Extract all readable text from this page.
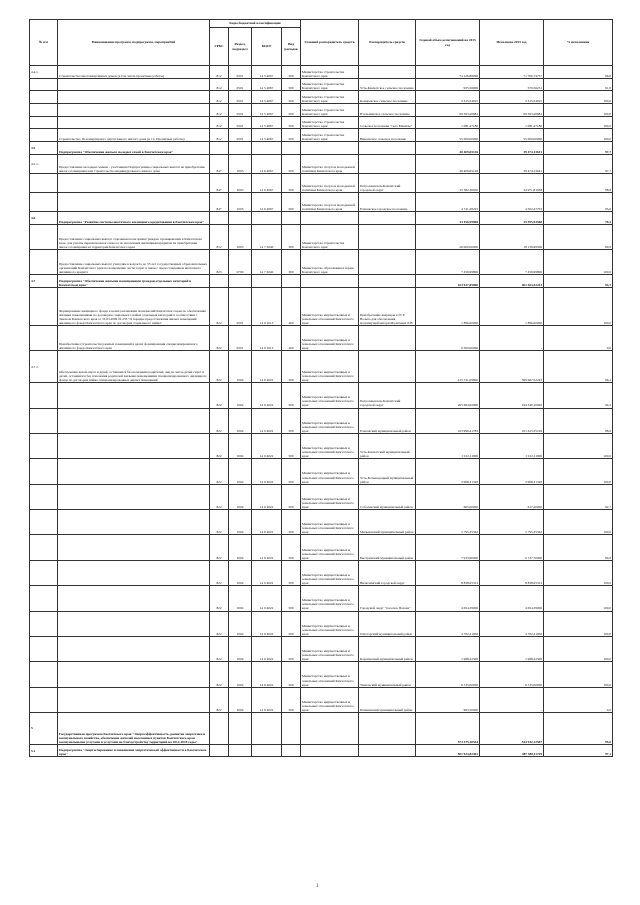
№ п/п	Наименование программ, подпрограмм, мероприятий	Коды бюджетной классификации				Главный распорядитель средств	Распорядитель средств	Годовой объем ассигнований на 2015 год	Исполнено 2015 год	% исполнения
		ГРБС	Раздел, подраздел	КЦСР	Вид расходов					
4.4.1.	Строительство многоквартирных домов (в том числе проектные работы)	812	0501	14 5 4067	500	Министерство строительства Камчатского края		74 126,88096	71 760,74757	96,8
		812	0501	14 5 4067	500	Министерство строительства Камчатского края	Усть-Камчатское сельское поселение	935,56000	570,56251	61,0
		812	0501	14 5 4067	500	Министерство строительства Камчатского края	Козыревское сельское поселение	2 315,54025	2 315,54025	100,0
		812	0501	14 5 4067	500	Министерство строительства Камчатского края	Ительменское сельское поселение	69 593,20681	69 593,20681	100,0
		812	0501	14 5 4067	500	Министерство строительства Камчатского края	Сельское поселение "село Манилы"	1 081,47180	1 081,47180	100,0
	Строительство 16-и квартирного двухэтажного жилого дома (в т.ч. Проектные работы)	812	0501	14 5 4067	500	Министерство строительства Камчатского края	Никольское сельское поселение	55 000,00000	55 000,00000	100,0
4.5	Подпрограмма "Обеспечение жильем молодых семей в Камчатском крае"							40 409,65126	39 474,13641	97,7
4.5.1.	Предоставление молодым семьям - участникам Подпрограммы социальных выплат на приобретение жилого помещения или строительство индивидуального жилого дома	847	1003	14 6 4067	500	Министерство спорта и молодежной политики Камчатского края		40 409,65126	39 474,13641	97,7
		847	1003	14 6 4067	500	Министерство спорта и молодежной политики Камчатского края	Петропавловск-Камчатский городской округ	35 382,36950	34 971,81938	98,8
		847	1003	14 6 4067	500	Министерство спорта и молодежной политики Камчатского края	Елизовское городское поселение	4 741,28225	4 502,27703	95,0
4.6	Подпрограмма "Развитие системы ипотечного жилищного кредитования в Камчатском крае"							33 456,99806	25 595,94568	76,5
	Предоставление социальных выплат отдельным категориям граждан, проживающих в Камчатском крае, для уплаты первоначального взноса по ипотечным жилищным кредитам на приобретение жилого помещения на территории Камчатского края	812	1003	14 7 2040	300	Министерство строительства Камчатского края		26 000,00000	18 136,99506	69,8
	Предоставление социальных выплат учителям в возрасте до 35 лет государственных образовательных организаций Камчатского края на возмещение части затрат в связи с предоставлением ипотечного жилищного кредита	823	0709	14 7 2040	300	Министерство образования и науки Камчатского края		7 456,99806	7 456,99806	100,0
4.7	Подпрограмма "Обеспечение жилыми помещениями граждан отдельных категорий в Камчатском крае"							423 927,09800	401 563,52243	94,7
	Формирование жилищного фонда в целях реализации полномочий Камчатского края по обеспечению жилыми помещениями по договорам социального найма отдельных категорий в соответствии с Законом Камчатского края от 31.03.2009 № 253 "О порядке предоставления жилых помещений жилищного фонда Камчатского края по договорам социального найма"	822	0501	14 9 1013	400	Министерство имущественных и земельных отношений Камчатского края	Приобретение квартиры в ГСУ Вольпа для обеспечения малоимущей матери Малаткина Л.В.	1 896,00000	1 896,00000	100,0
	Приобретение (строительство) жилых помещений в целях формирования специализированного жилищного фонда Камчатского края	822	0501	14 9 1013	400	Министерство имущественных и земельных отношений Камчатского края		6 500,00000	-	0,0
4.7.1.	Обеспечение детей-сирот и детей, оставшихся без попечения родителей, лиц из числа детей-сирот и детей, оставшихся без попечения родителей жилыми помещениями специализированного жилищного фонда по договорам найма специализированных жилых помещений	822	1004	14 9 4022	500	Министерство имущественных и земельных отношений Камчатского края		415 531,09800	399 667,52243	96,2
		822	1004	14 9 4022	500	Министерство имущественных и земельных отношений Камчатского края	Петропавловск-Камчатский городской округ	205 664,62000	194 340,10920	94,5
		822	1004	14 9 4022	500	Министерство имущественных и земельных отношений Камчатского края	Елизовский муниципальный район	163 999,41783	161 623,35169	98,6
		822	1004	14 9 4022	500	Министерство имущественных и земельных отношений Камчатского края	Усть-Камчатский муниципальный район	1 012,11900	1 012,11900	100,0
		822	1004	14 9 4022	500	Министерство имущественных и земельных отношений Камчатского края	Усть-Большерецкий муниципальный район	2 908,31328	2 908,31328	100,0
		822	1004	14 9 4022	500	Министерство имущественных и земельных отношений Камчатского края	Соболевский муниципальный район	665,00000	617,20000	92,7
		822	1004	14 9 4022	500	Министерство имущественных и земельных отношений Камчатского края	Мильковский муниципальный район	2 795,35562	2 795,35562	100,0
		822	1004	14 9 4022	500	Министерство имущественных и земельных отношений Камчатского края	Быстринский муниципальный район	7 933,90000	6 727,70000	84,8
		822	1004	14 9 4022	500	Министерство имущественных и земельных отношений Камчатского края	Вилючинский городской округ	8 838,95313	8 838,95313	100,0
		822	1004	14 9 4022	500	Министерство имущественных и земельных отношений Камчатского края	Городской округ "поселок Палана"	4 654,39000	4 654,39000	100,0
		822	1004	14 9 4022	500	Министерство имущественных и земельных отношений Камчатского края	Олюторский муниципальный район	4 702,21950	4 702,21950	100,0
		822	1004	14 9 4022	500	Министерство имущественных и земельных отношений Камчатского края	Карагинский муниципальный район	1 968,22500	1 968,22500	100,0
		822	1004	14 9 4022	500	Министерство имущественных и земельных отношений Камчатского края	Тигильский муниципальный район	6 535,00000	6 535,00000	100,0
		822	1004	14 9 4022	500	Министерство имущественных и земельных отношений Камчатского края	Пенжинский муниципальный район	993,50000	-	0,0
5	Государственная программа Камчатского края "Энергоэффективность, развитие энергетики и коммунального хозяйства, обеспечение жителей населенных пунктов Камчатского края коммунальными услугами и услугами по благоустройству территорий на 2014-2018 годы"							573 575,10544	544 932,12587	95,0
5.1	Подпрограмма "Энергосбережение и повышение энергетической эффективности в Камчатском крае"							501 924,82461	487 388,11729	97,1
1
